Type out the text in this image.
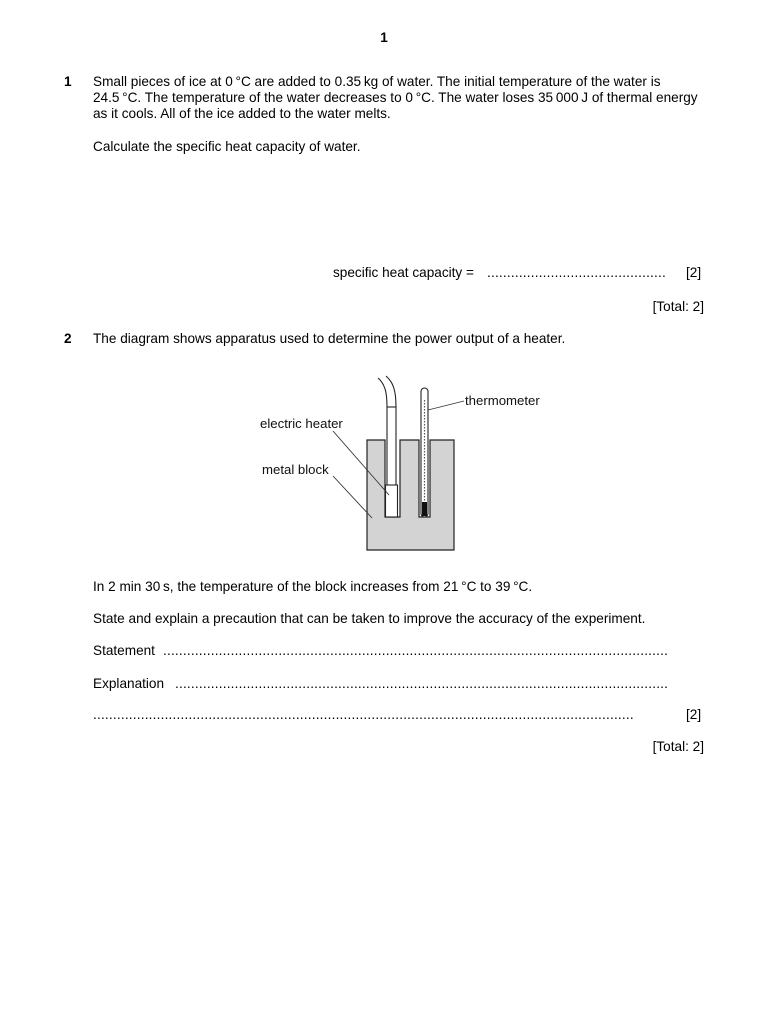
1
1 Small pieces of ice at 0 °C are added to 0.35 kg of water. The initial temperature of the water is
24.5 °C. The temperature of the water decreases to 0 °C. The water loses 35 000 J of thermal energy
as it cools. All of the ice added to the water melts.
Calculate the specific heat capacity of water.
specific heat capacity = ............................................. [2]
[Total: 2]
2 The diagram shows apparatus used to determine the power output of a heater.
thermometer
electric heater
metal block
In 2 min 30 s, the temperature of the block increases from 21 °C to 39 °C.
State and explain a precaution that can be taken to improve the accuracy of the experiment.
Statement ...............................................................................................................................
Explanation ............................................................................................................................
........................................................................................................................................	[2]
[Total: 2]
